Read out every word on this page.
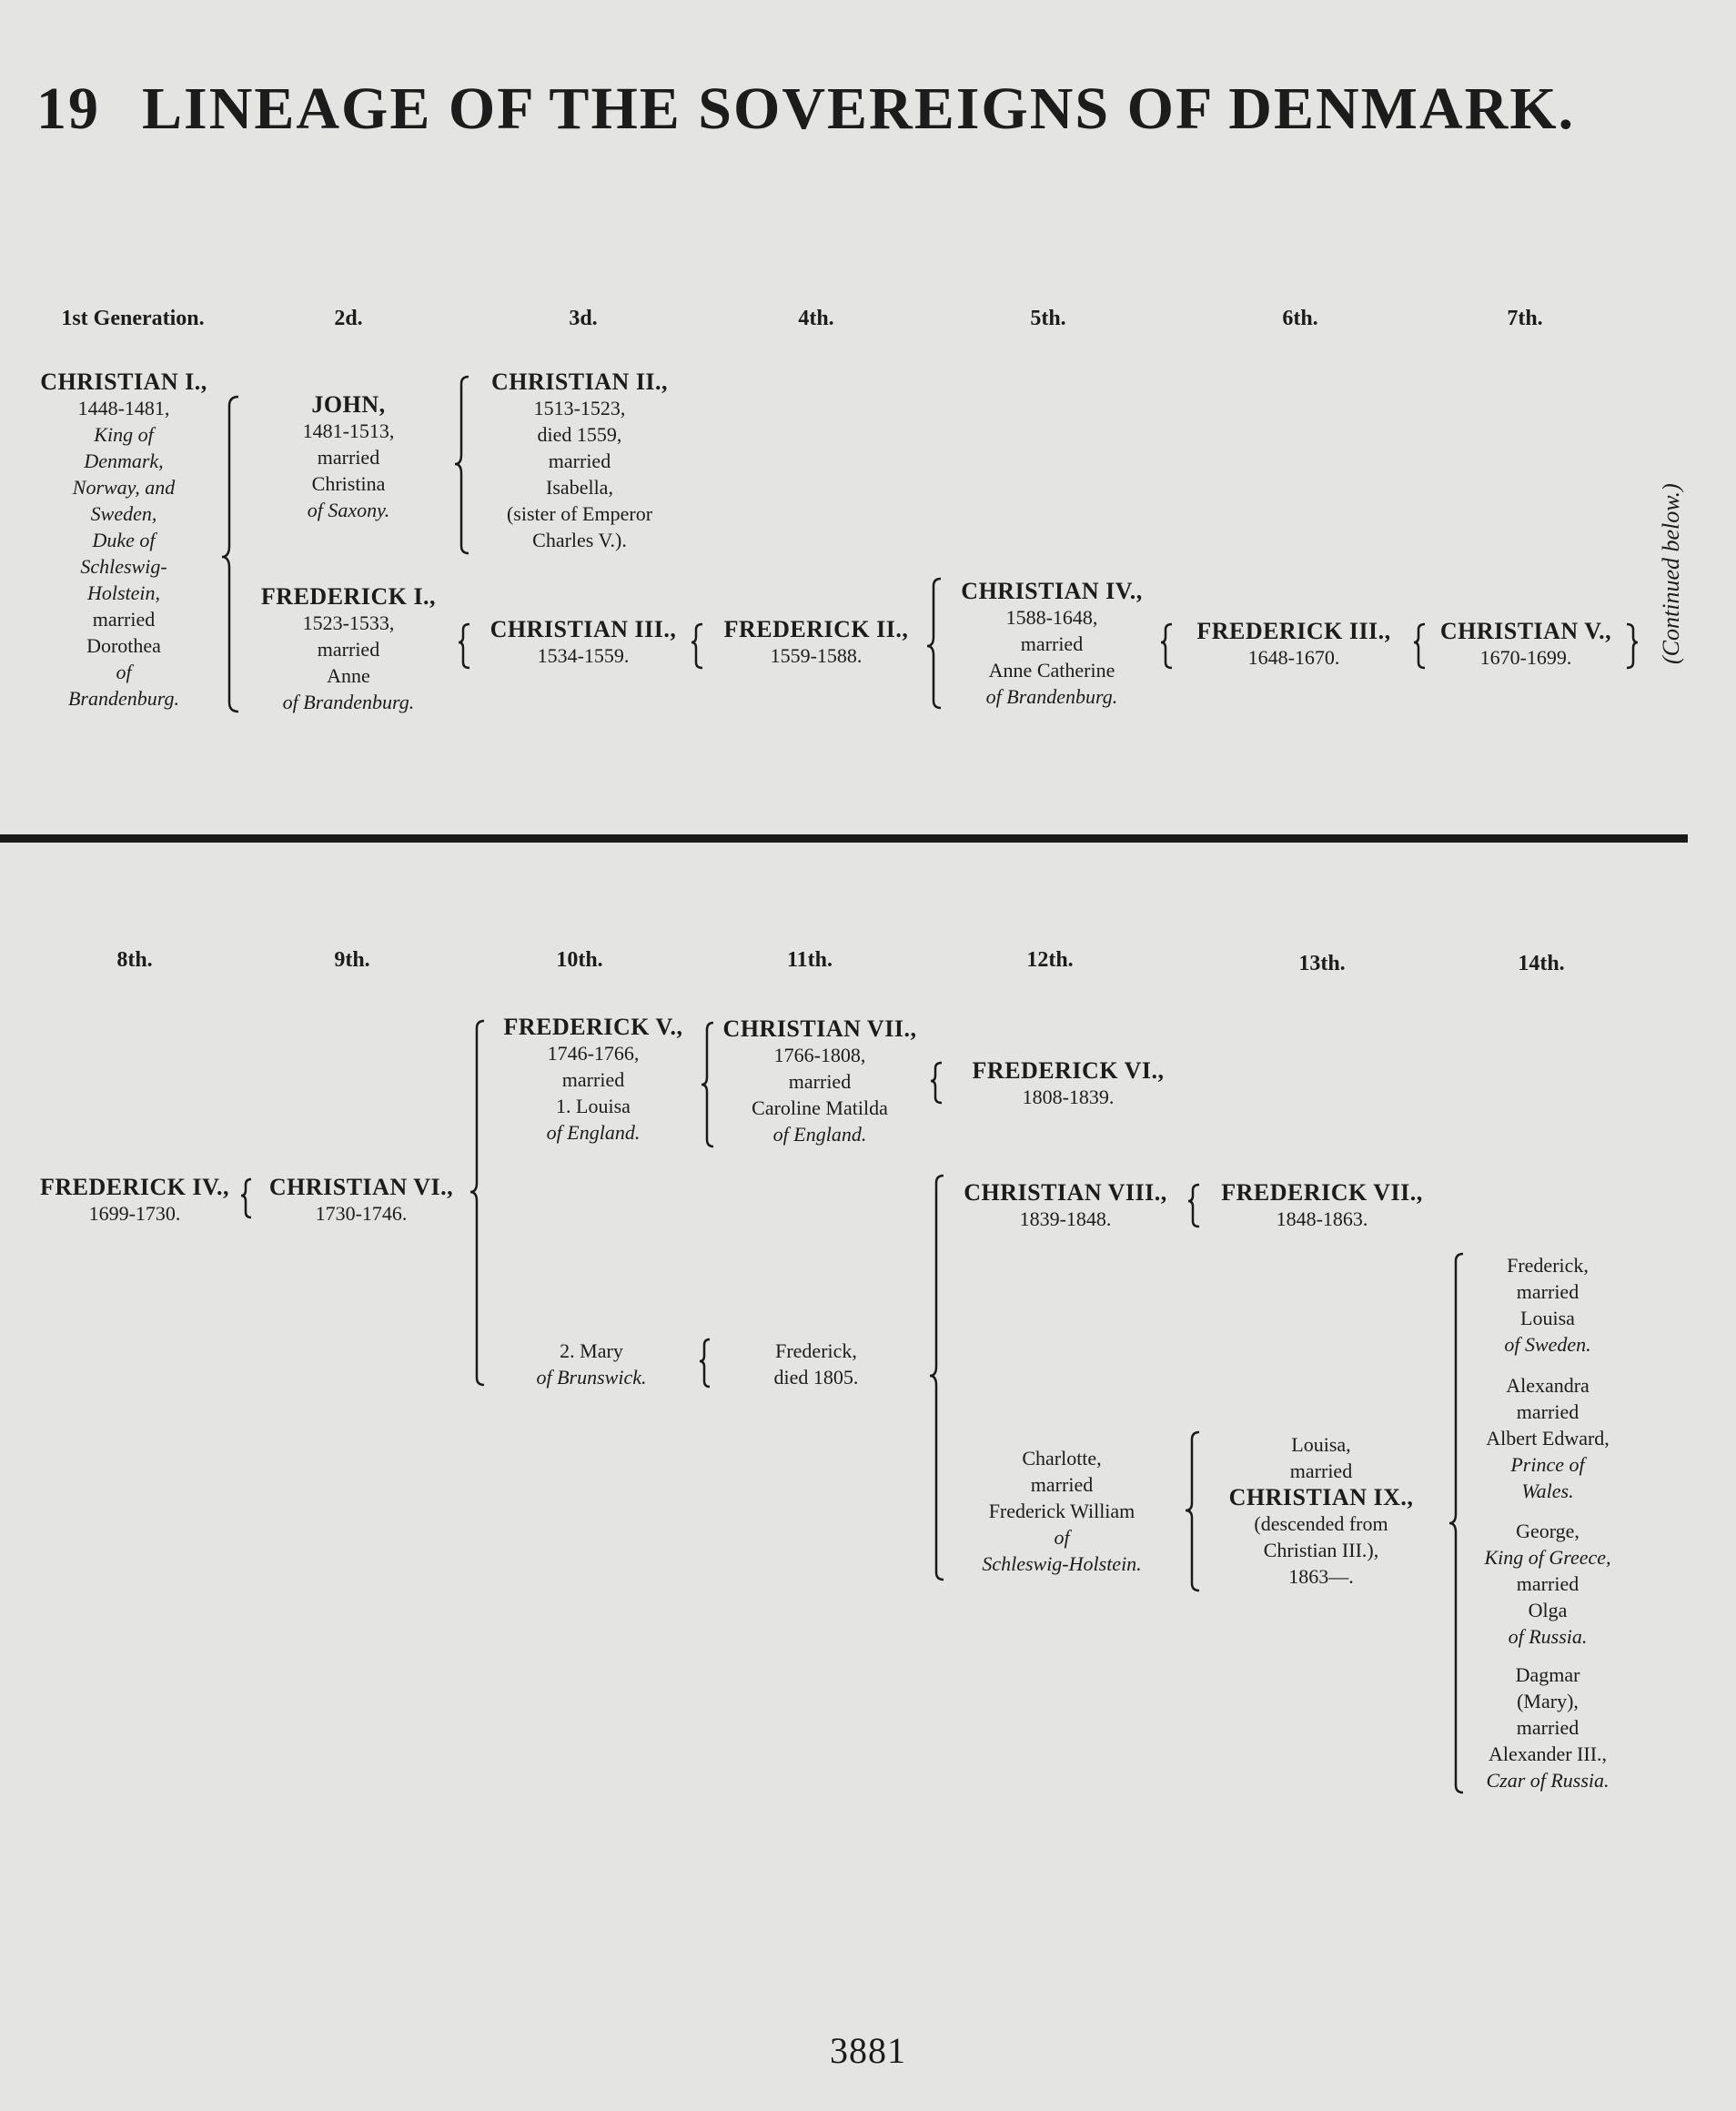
19 LINEAGE OF THE SOVEREIGNS OF DENMARK.
1st Generation.	2d.	3d.	4th.	5th.	6th.	7th.
CHRISTIAN I.,
1448-1481,
King of
Denmark,
Norway, and
Sweden,
Duke of
Schleswig-
Holstein,
married
Dorothea
of
Brandenburg.
JOHN,
1481-1513,
married
Christina
of Saxony.
FREDERICK I.,
1523-1533,
married
Anne
of Brandenburg.
CHRISTIAN II.,
1513-1523,
died 1559,
married
Isabella,
(sister of Emperor
Charles V.).
CHRISTIAN III.,
1534-1559.
FREDERICK II.,
1559-1588.
CHRISTIAN IV.,
1588-1648,
married
Anne Catherine
of Brandenburg.
FREDERICK III.,
1648-1670.
CHRISTIAN V.,
1670-1699.	(Continued below.)
8th.	9th.	10th.	11th.	12th.	13th.	14th.
FREDERICK IV.,
1699-1730.
CHRISTIAN VI.,
1730-1746.
FREDERICK V.,
1746-1766,
married
1. Louisa
of England.
2. Mary
of Brunswick.
CHRISTIAN VII.,
1766-1808,
married
Caroline Matilda
of England.
Frederick,
died 1805.
FREDERICK VI.,
1808-1839.
CHRISTIAN VIII.,
1839-1848.
FREDERICK VII.,
1848-1863.
Charlotte,
married
Frederick William
of
Schleswig-Holstein.
Louisa,
married
CHRISTIAN IX.,
(descended from
Christian III.),
1863—.
Frederick,
married
Louisa
of Sweden.
Alexandra
married
Albert Edward,
Prince of
Wales.
George,
King of Greece,
married
Olga
of Russia.
Dagmar
(Mary),
married
Alexander III.,
Czar of Russia.
3881
